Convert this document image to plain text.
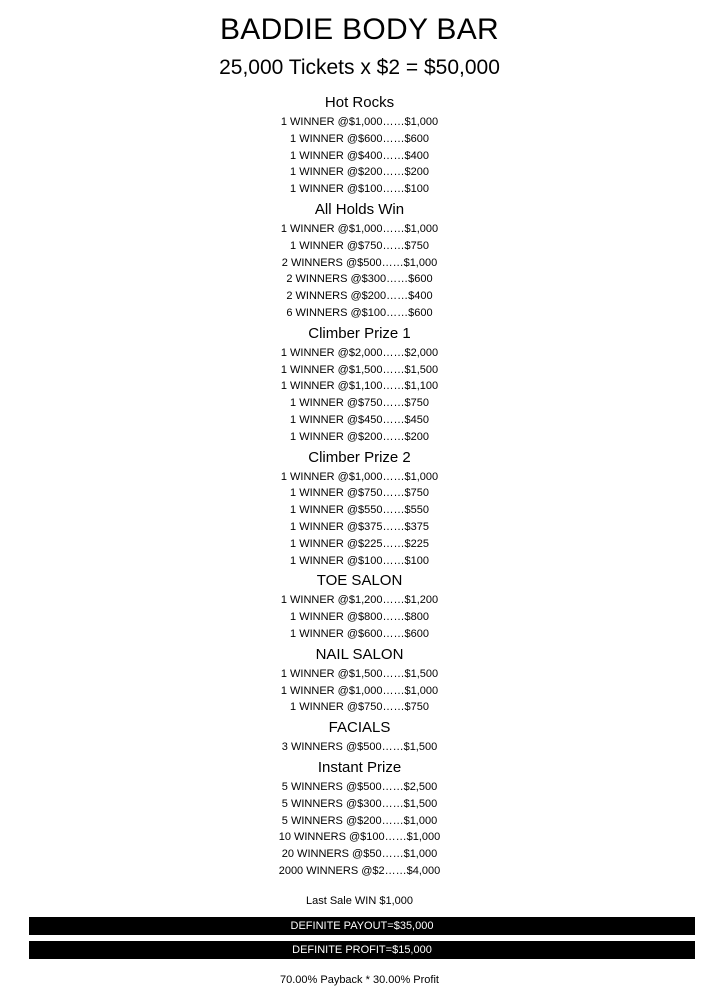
BADDIE BODY BAR
25,000 Tickets x $2 = $50,000
Hot Rocks
1 WINNER @$1,000……$1,000
1 WINNER @$600……$600
1 WINNER @$400……$400
1 WINNER @$200……$200
1 WINNER @$100……$100
All Holds Win
1 WINNER @$1,000……$1,000
1 WINNER @$750……$750
2 WINNERS @$500……$1,000
2 WINNERS @$300……$600
2 WINNERS @$200……$400
6 WINNERS @$100……$600
Climber Prize 1
1 WINNER @$2,000……$2,000
1 WINNER @$1,500……$1,500
1 WINNER @$1,100……$1,100
1 WINNER @$750……$750
1 WINNER @$450……$450
1 WINNER @$200……$200
Climber Prize 2
1 WINNER @$1,000……$1,000
1 WINNER @$750……$750
1 WINNER @$550……$550
1 WINNER @$375……$375
1 WINNER @$225……$225
1 WINNER @$100……$100
TOE SALON
1 WINNER @$1,200……$1,200
1 WINNER @$800……$800
1 WINNER @$600……$600
NAIL SALON
1 WINNER @$1,500……$1,500
1 WINNER @$1,000……$1,000
1 WINNER @$750……$750
FACIALS
3 WINNERS @$500……$1,500
Instant Prize
5 WINNERS @$500……$2,500
5 WINNERS @$300……$1,500
5 WINNERS @$200……$1,000
10 WINNERS @$100……$1,000
20 WINNERS @$50……$1,000
2000 WINNERS @$2……$4,000
Last Sale WIN $1,000
DEFINITE PAYOUT=$35,000
DEFINITE PROFIT=$15,000
70.00% Payback * 30.00% Profit
